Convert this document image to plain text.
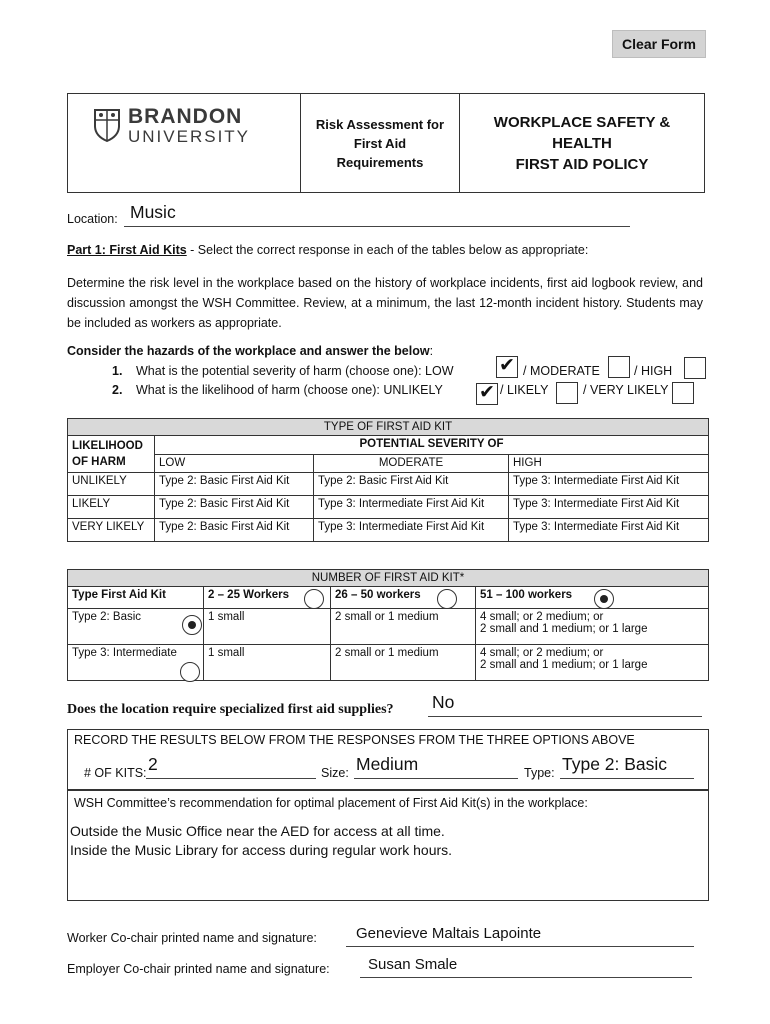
Clear Form
BRANDON
UNIVERSITY
Risk Assessment for First Aid Requirements
WORKPLACE SAFETY &
HEALTH
FIRST AID POLICY
Location: Music
Part 1: First Aid Kits - Select the correct response in each of the tables below as appropriate:
Determine the risk level in the workplace based on the history of workplace incidents, first aid logbook review, and discussion amongst the WSH Committee. Review, at a minimum, the last 12-month incident history. Students may be included as workers as appropriate.
Consider the hazards of the workplace and answer the below:
1. What is the potential severity of harm (choose one): LOW ✔ / MODERATE	/ HIGH
2. What is the likelihood of harm (choose one): UNLIKELY ✔ / LIKELY	/ VERY LIKELY
TYPE OF FIRST AID KIT			
LIKELIHOOD OF HARM	POTENTIAL SEVERITY OF		
	LOW	MODERATE	HIGH
UNLIKELY	Type 2: Basic First Aid Kit	Type 2: Basic First Aid Kit	Type 3: Intermediate First Aid Kit
LIKELY	Type 2: Basic First Aid Kit	Type 3: Intermediate First Aid Kit	Type 3: Intermediate First Aid Kit
VERY LIKELY	Type 2: Basic First Aid Kit	Type 3: Intermediate First Aid Kit	Type 3: Intermediate First Aid Kit
NUMBER OF FIRST AID KIT*			
Type First Aid Kit	2 – 25 Workers	26 – 50 workers	51 – 100 workers
Type 2: Basic	1 small	2 small or 1 medium	4 small; or 2 medium; or
2 small and 1 medium; or 1 large

Type 3: Intermediate	1 small	2 small or 1 medium	4 small; or 2 medium; or
2 small and 1 medium; or 1 large
Does the location require specialized first aid supplies? No
RECORD THE RESULTS BELOW FROM THE RESPONSES FROM THE THREE OPTIONS ABOVE
# OF KITS: 2	Size: Medium	Type: Type 2: Basic
WSH Committee’s recommendation for optimal placement of First Aid Kit(s) in the workplace:
Outside the Music Office near the AED for access at all time.
Inside the Music Library for access during regular work hours.
Worker Co-chair printed name and signature:	Genevieve Maltais Lapointe
Employer Co-chair printed name and signature:	Susan Smale
